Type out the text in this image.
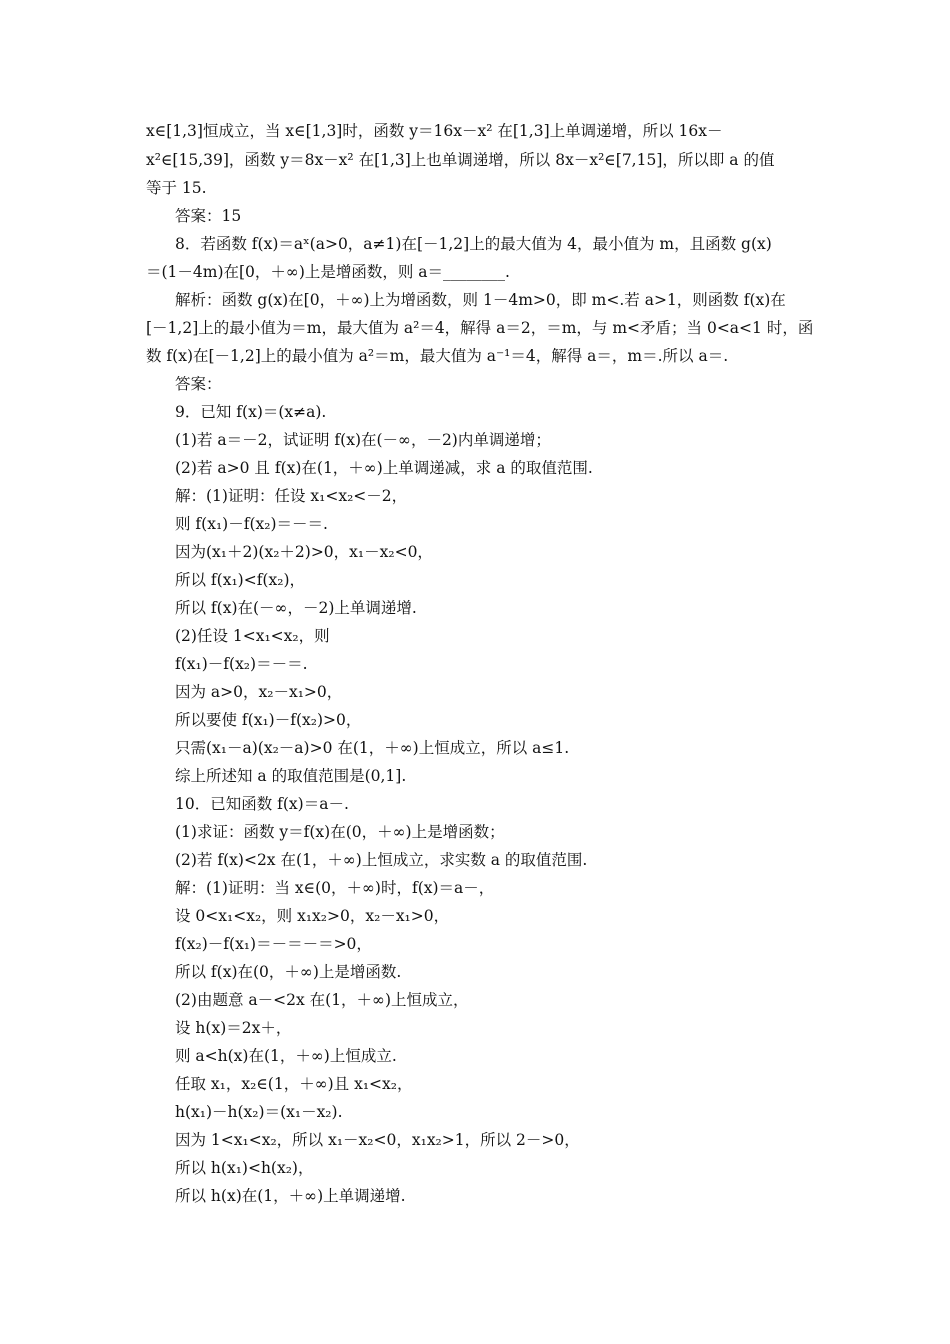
x∈[1,3]恒成立，当 x∈[1,3]时，函数 y＝16x－x² 在[1,3]上单调递增，所以 16x－
x²∈[15,39]，函数 y＝8x－x² 在[1,3]上也单调递增，所以 8x－x²∈[7,15]，所以即 a 的值
等于 15.
答案：15
8．若函数 f(x)＝aˣ(a>0，a≠1)在[－1,2]上的最大值为 4，最小值为 m，且函数 g(x)
＝(1－4m)在[0，＋∞)上是增函数，则 a＝________.
解析：函数 g(x)在[0，＋∞)上为增函数，则 1－4m>0，即 m<.若 a>1，则函数 f(x)在
[－1,2]上的最小值为＝m，最大值为 a²＝4，解得 a＝2，＝m，与 m<矛盾；当 0<a<1 时，函
数 f(x)在[－1,2]上的最小值为 a²＝m，最大值为 a⁻¹＝4，解得 a＝，m＝.所以 a＝.
答案：
9．已知 f(x)＝(x≠a).
(1)若 a＝－2，试证明 f(x)在(－∞，－2)内单调递增；
(2)若 a>0 且 f(x)在(1，＋∞)上单调递减，求 a 的取值范围.
解：(1)证明：任设 x₁<x₂<－2，
则 f(x₁)－f(x₂)＝－＝.
因为(x₁＋2)(x₂＋2)>0，x₁－x₂<0，
所以 f(x₁)<f(x₂)，
所以 f(x)在(－∞，－2)上单调递增.
(2)任设 1<x₁<x₂，则
f(x₁)－f(x₂)＝－＝.
因为 a>0，x₂－x₁>0，
所以要使 f(x₁)－f(x₂)>0，
只需(x₁－a)(x₂－a)>0 在(1，＋∞)上恒成立，所以 a≤1.
综上所述知 a 的取值范围是(0,1].
10．已知函数 f(x)＝a－.
(1)求证：函数 y＝f(x)在(0，＋∞)上是增函数；
(2)若 f(x)<2x 在(1，＋∞)上恒成立，求实数 a 的取值范围.
解：(1)证明：当 x∈(0，＋∞)时，f(x)＝a－，
设 0<x₁<x₂，则 x₁x₂>0，x₂－x₁>0，
f(x₂)－f(x₁)＝－＝－＝>0，
所以 f(x)在(0，＋∞)上是增函数.
(2)由题意 a－<2x 在(1，＋∞)上恒成立，
设 h(x)＝2x＋，
则 a<h(x)在(1，＋∞)上恒成立.
任取 x₁，x₂∈(1，＋∞)且 x₁<x₂，
h(x₁)－h(x₂)＝(x₁－x₂).
因为 1<x₁<x₂，所以 x₁－x₂<0，x₁x₂>1，所以 2－>0，
所以 h(x₁)<h(x₂)，
所以 h(x)在(1，＋∞)上单调递增.
